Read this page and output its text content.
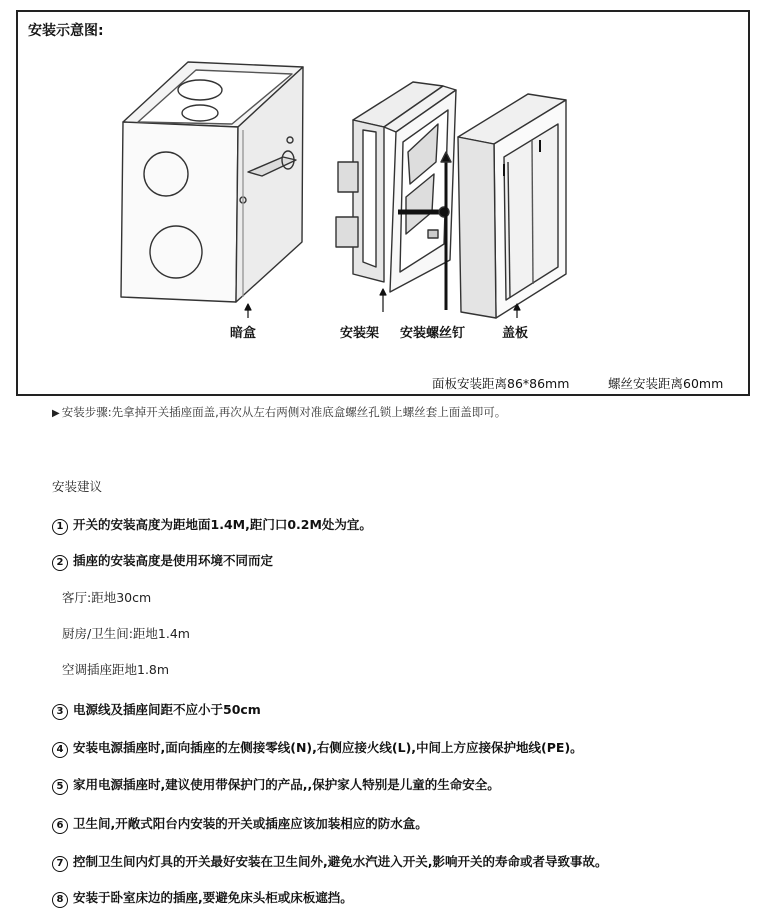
安装示意图:
暗盒	安装架 安装螺丝钉	盖板
面板安装距离86*86mm	螺丝安装距离60mm
▶ 安装步骤:先拿掉开关插座面盖,再次从左右两侧对准底盒螺丝孔锁上螺丝套上面盖即可。
安装建议
1 开关的安装高度为距地面1.4M,距门口0.2M处为宜。
2 插座的安装高度是使用环境不同而定
客厅:距地30cm
厨房/卫生间:距地1.4m
空调插座距地1.8m
3 电源线及插座间距不应小于50cm
4 安装电源插座时,面向插座的左侧接零线(N),右侧应接火线(L),中间上方应接保护地线(PE)。
5 家用电源插座时,建议使用带保护门的产品,,保护家人特别是儿童的生命安全。
6 卫生间,开敞式阳台内安装的开关或插座应该加装相应的防水盒。
7 控制卫生间内灯具的开关最好安装在卫生间外,避免水汽进入开关,影响开关的寿命或者导致事故。
8 安装于卧室床边的插座,要避免床头柜或床板遮挡。
